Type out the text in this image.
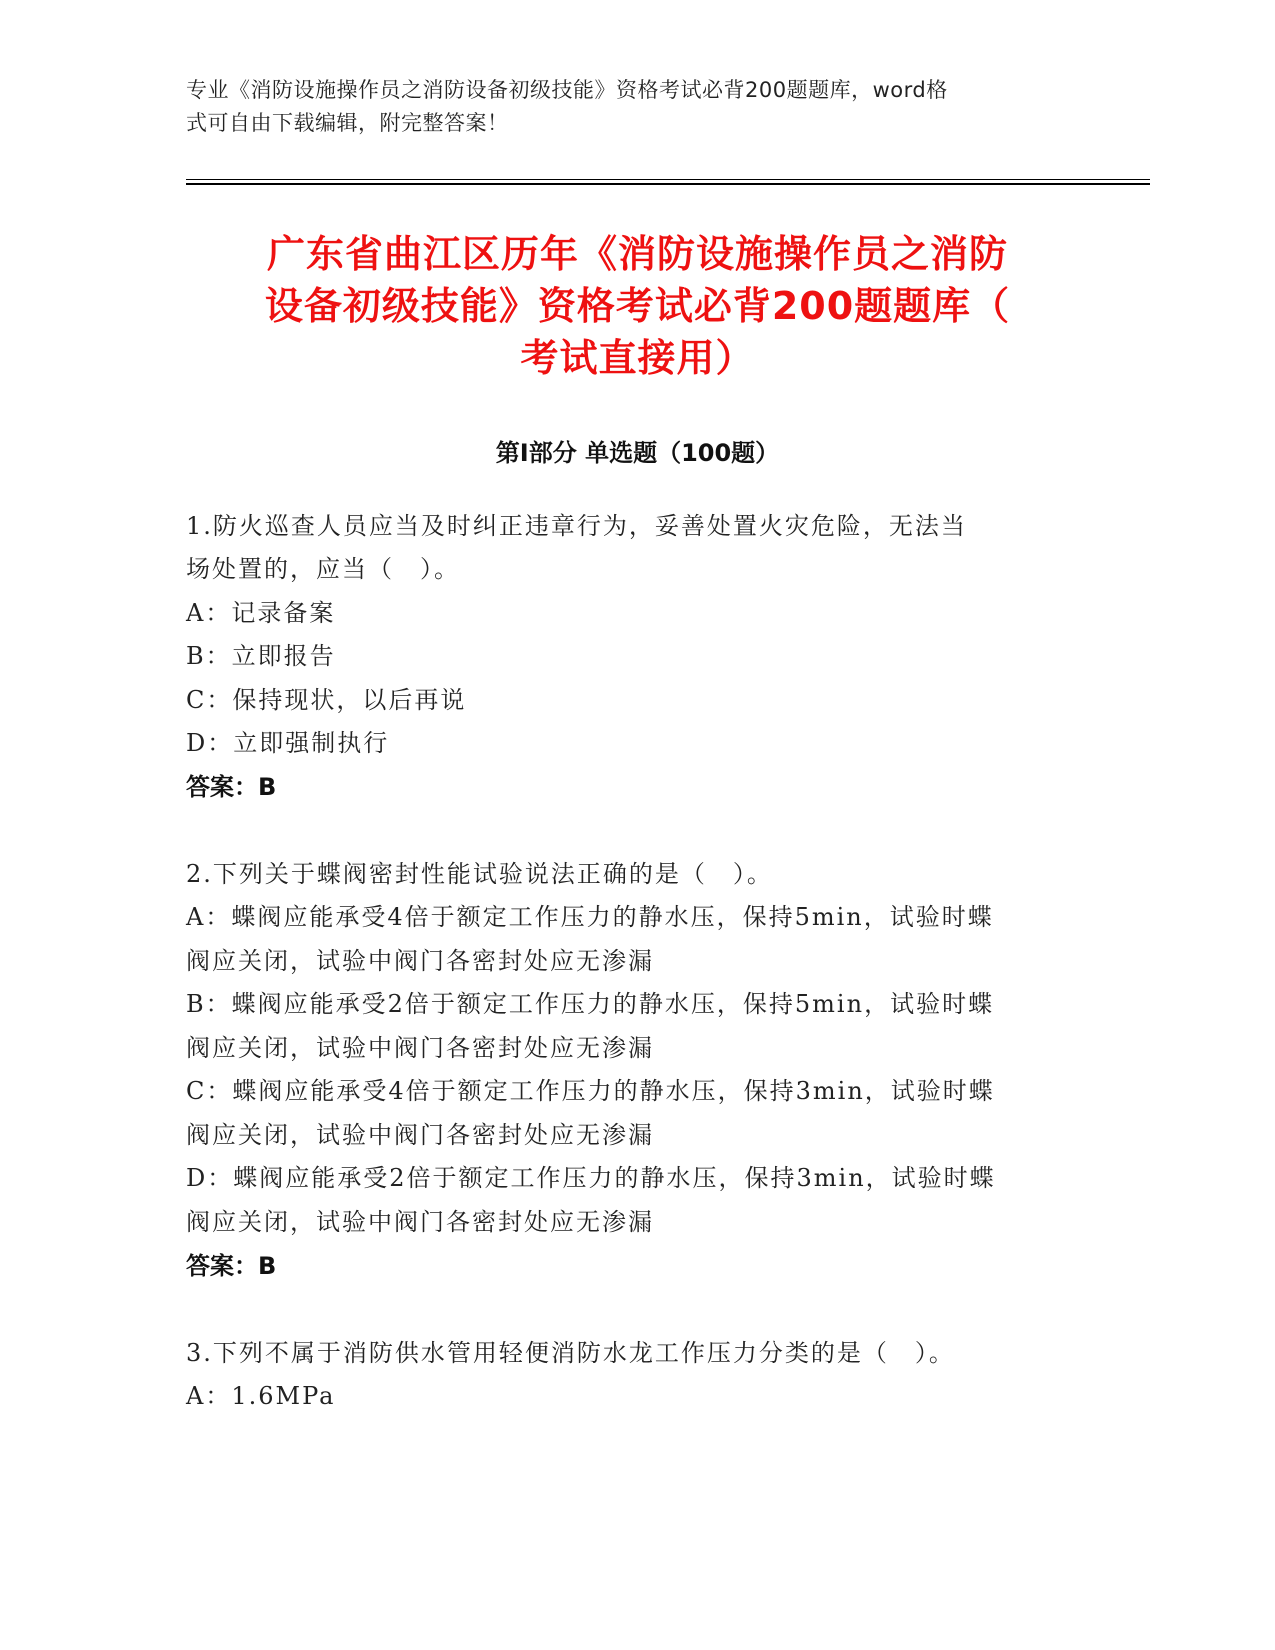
专业《消防设施操作员之消防设备初级技能》资格考试必背200题题库，word格
式可自由下载编辑，附完整答案！
广东省曲江区历年《消防设施操作员之消防
设备初级技能》资格考试必背200题题库（
考试直接用）
第Ⅰ部分 单选题（100题）
1.防火巡查人员应当及时纠正违章行为，妥善处置火灾危险，无法当
场处置的，应当（　）。
A：记录备案
B：立即报告
C：保持现状，以后再说
D：立即强制执行
答案：B
2.下列关于蝶阀密封性能试验说法正确的是（　）。
A：蝶阀应能承受4倍于额定工作压力的静水压，保持5min，试验时蝶
阀应关闭，试验中阀门各密封处应无渗漏
B：蝶阀应能承受2倍于额定工作压力的静水压，保持5min，试验时蝶
阀应关闭，试验中阀门各密封处应无渗漏
C：蝶阀应能承受4倍于额定工作压力的静水压，保持3min，试验时蝶
阀应关闭，试验中阀门各密封处应无渗漏
D：蝶阀应能承受2倍于额定工作压力的静水压，保持3min，试验时蝶
阀应关闭，试验中阀门各密封处应无渗漏
答案：B
3.下列不属于消防供水管用轻便消防水龙工作压力分类的是（　）。
A：1.6MPa
